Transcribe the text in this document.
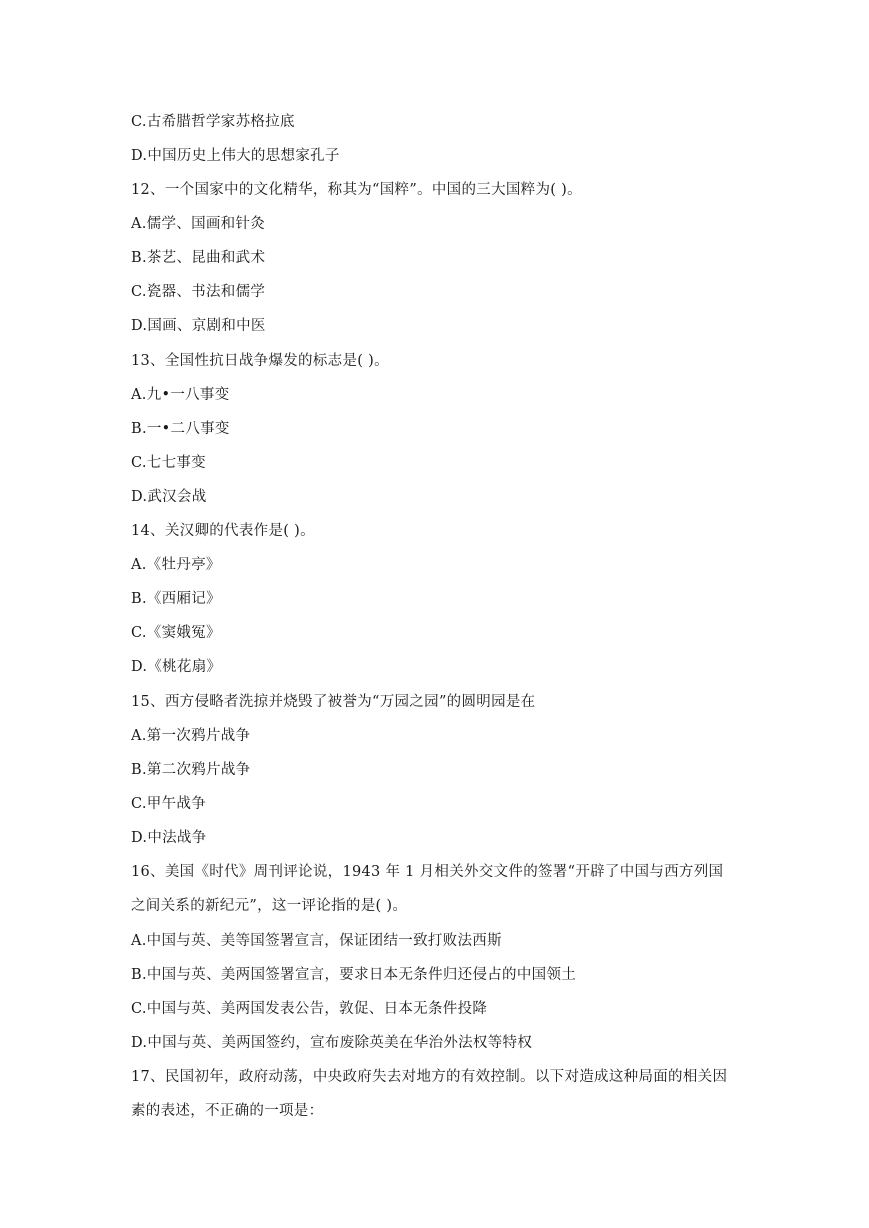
C.古希腊哲学家苏格拉底
D.中国历史上伟大的思想家孔子
12、一个国家中的文化精华，称其为“国粹”。中国的三大国粹为( )。
A.儒学、国画和针灸
B.茶艺、昆曲和武术
C.瓷器、书法和儒学
D.国画、京剧和中医
13、全国性抗日战争爆发的标志是( )。
A.九•一八事变
B.一•二八事变
C.七七事变
D.武汉会战
14、关汉卿的代表作是( )。
A.《牡丹亭》
B.《西厢记》
C.《窦娥冤》
D.《桃花扇》
15、西方侵略者洗掠并烧毁了被誉为“万园之园”的圆明园是在
A.第一次鸦片战争
B.第二次鸦片战争
C.甲午战争
D.中法战争
16、美国《时代》周刊评论说，1943 年 1 月相关外交文件的签署“开辟了中国与西方列国
之间关系的新纪元”，这一评论指的是( )。
A.中国与英、美等国签署宣言，保证团结一致打败法西斯
B.中国与英、美两国签署宣言，要求日本无条件归还侵占的中国领土
C.中国与英、美两国发表公告，敦促、日本无条件投降
D.中国与英、美两国签约，宣布废除英美在华治外法权等特权
17、民国初年，政府动荡，中央政府失去对地方的有效控制。以下对造成这种局面的相关因
素的表述，不正确的一项是：
